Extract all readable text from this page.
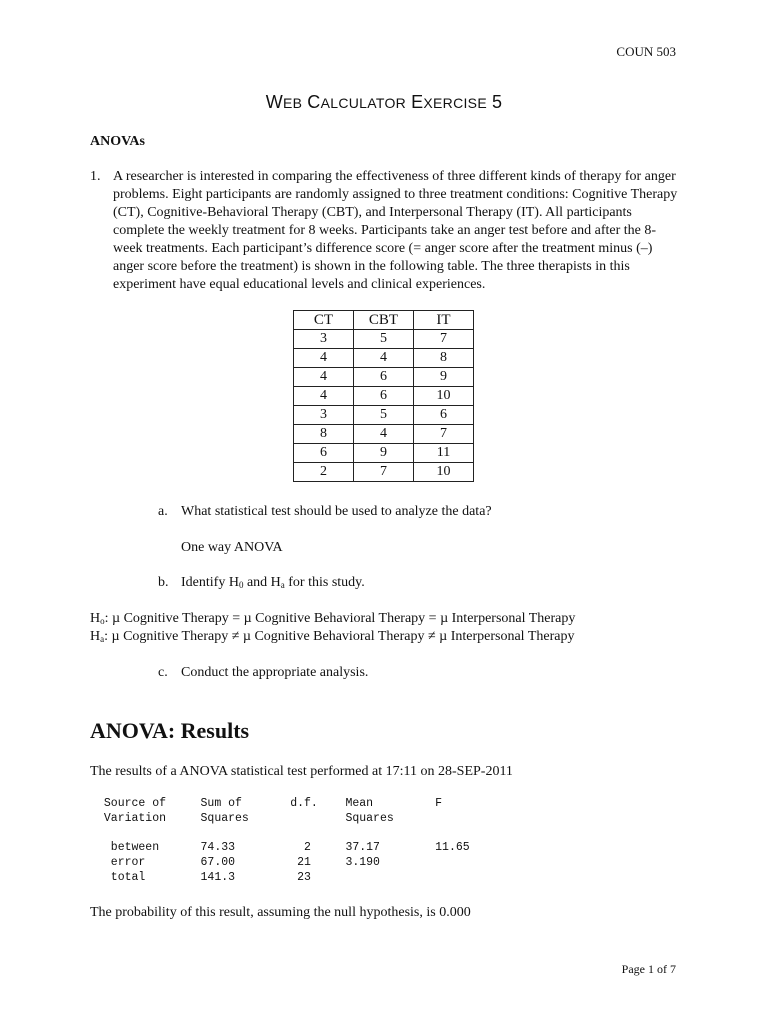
COUN 503
WEB CALCULATOR EXERCISE 5
ANOVAs
1. A researcher is interested in comparing the effectiveness of three different kinds of therapy for anger problems. Eight participants are randomly assigned to three treatment conditions: Cognitive Therapy (CT), Cognitive-Behavioral Therapy (CBT), and Interpersonal Therapy (IT). All participants complete the weekly treatment for 8 weeks. Participants take an anger test before and after the 8-week treatments. Each participant’s difference score (= anger score after the treatment minus (–) anger score before the treatment) is shown in the following table. The three therapists in this experiment have equal educational levels and clinical experiences.
CT	CBT	IT
3	5	7
4	4	8
4	6	9
4	6	10
3	5	6
8	4	7
6	9	11
2	7	10
a. What statistical test should be used to analyze the data?
One way ANOVA
b. Identify $H_0$ and $H_a$ for this study.
$H_o$: µ Cognitive Therapy = µ Cognitive Behavioral Therapy = µ Interpersonal Therapy
$H_a$: µ Cognitive Therapy ≠ µ Cognitive Behavioral Therapy ≠ µ Interpersonal Therapy
c. Conduct the appropriate analysis.
ANOVA: Results
The results of a ANOVA statistical test performed at 17:11 on 28-SEP-2011
Source of     Sum of       d.f.    Mean         F
Variation     Squares              Squares

between      74.33          2     37.17        11.65
error        67.00         21     3.190
total        141.3         23
The probability of this result, assuming the null hypothesis, is 0.000
Page 1 of 7
